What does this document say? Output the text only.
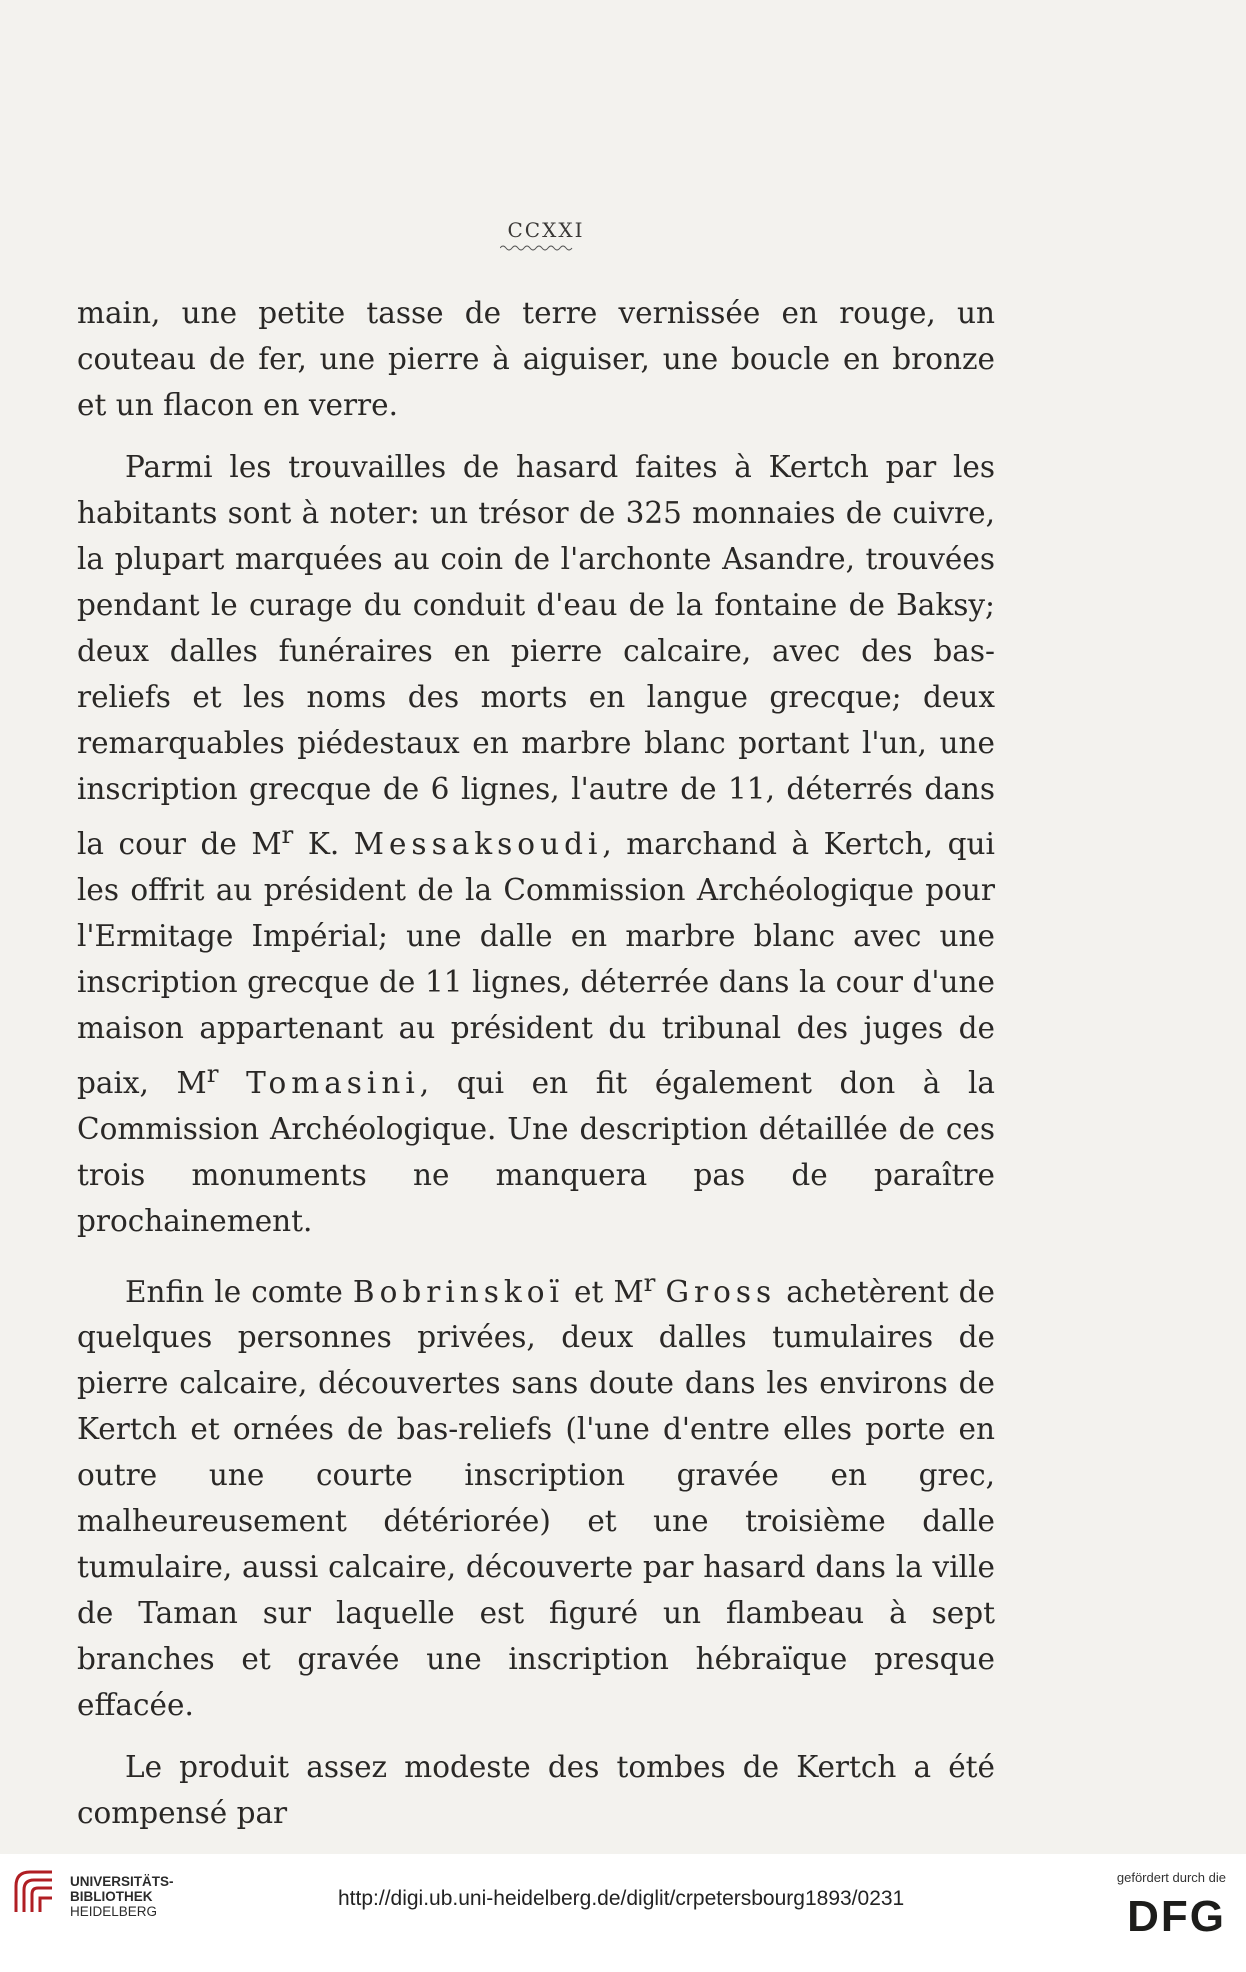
CCXXI

main, une petite tasse de terre vernissée en rouge, un couteau de fer, une pierre à aiguiser, une boucle en bronze et un flacon en verre.

Parmi les trouvailles de hasard faites à Kertch par les habitants sont à noter: un trésor de 325 monnaies de cuivre, la plupart marquées au coin de l'archonte Asandre, trouvées pendant le curage du conduit d'eau de la fontaine de Baksy; deux dalles funéraires en pierre calcaire, avec des bas-reliefs et les noms des morts en langue grecque; deux remarquables piédestaux en marbre blanc portant l'un, une inscription grecque de 6 lignes, l'autre de 11, déterrés dans la cour de $M^r$ K. Messaksoudi, marchand à Kertch, qui les offrit au président de la Commission Archéologique pour l'Ermitage Impérial; une dalle en marbre blanc avec une inscription grecque de 11 lignes, déterrée dans la cour d'une maison appartenant au président du tribunal des juges de paix, $M^r$ Tomasini, qui en fit également don à la Commission Archéologique. Une description détaillée de ces trois monuments ne manquera pas de paraître prochainement.

Enfin le comte Bobrinskoï et $M^r$ Gross achetèrent de quelques personnes privées, deux dalles tumulaires de pierre calcaire, découvertes sans doute dans les environs de Kertch et ornées de bas-reliefs (l'une d'entre elles porte en outre une courte inscription gravée en grec, malheureusement détériorée) et une troisième dalle tumulaire, aussi calcaire, découverte par hasard dans la ville de Taman sur laquelle est figuré un flambeau à sept branches et gravée une inscription hébraïque presque effacée.

Le produit assez modeste des tombes de Kertch a été compensé par

UNIVERSITÄTS-
BIBLIOTHEK
HEIDELBERG
http://digi.ub.uni-heidelberg.de/diglit/crpetersbourg1893/0231
gefördert durch die
DFG
